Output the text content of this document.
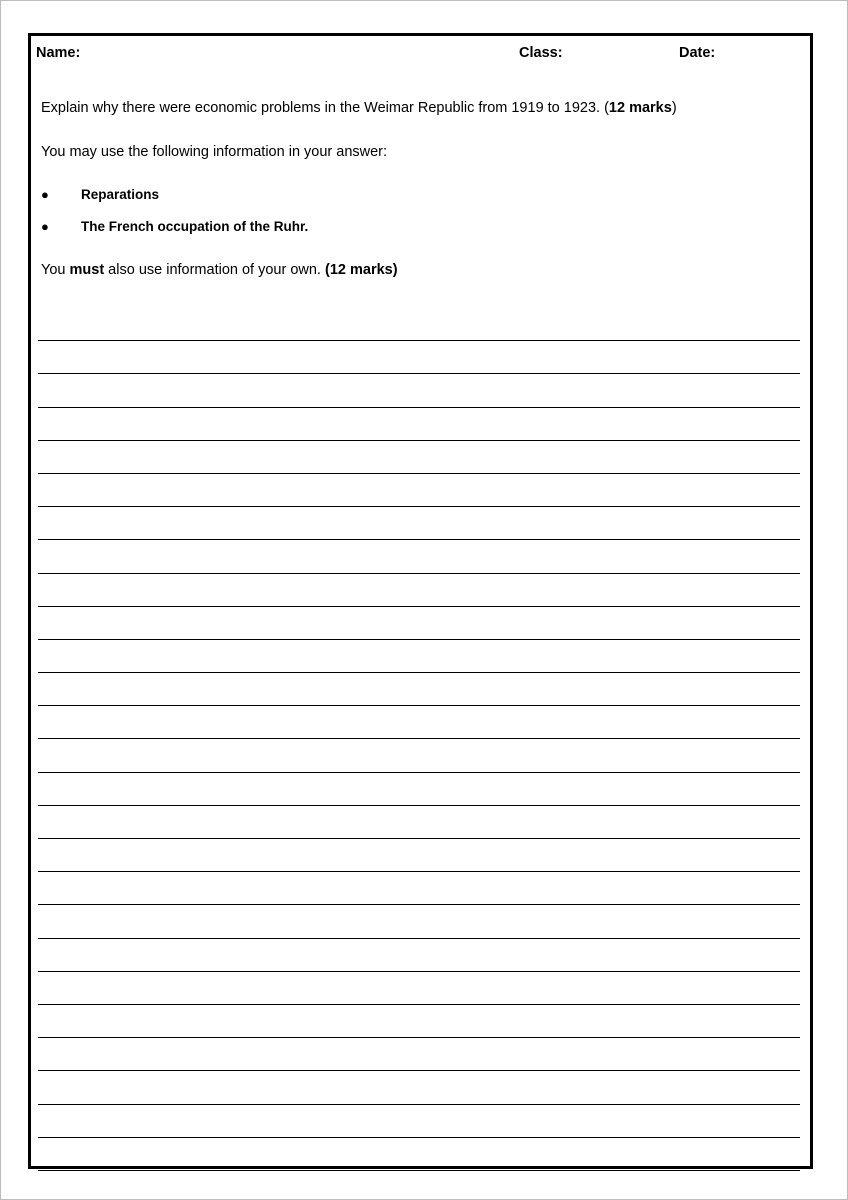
Name:	Class:	Date:
Explain why there were economic problems in the Weimar Republic from 1919 to 1923. (12 marks)
You may use the following information in your answer:
● Reparations
● The French occupation of the Ruhr.
You must also use information of your own. (12 marks)
